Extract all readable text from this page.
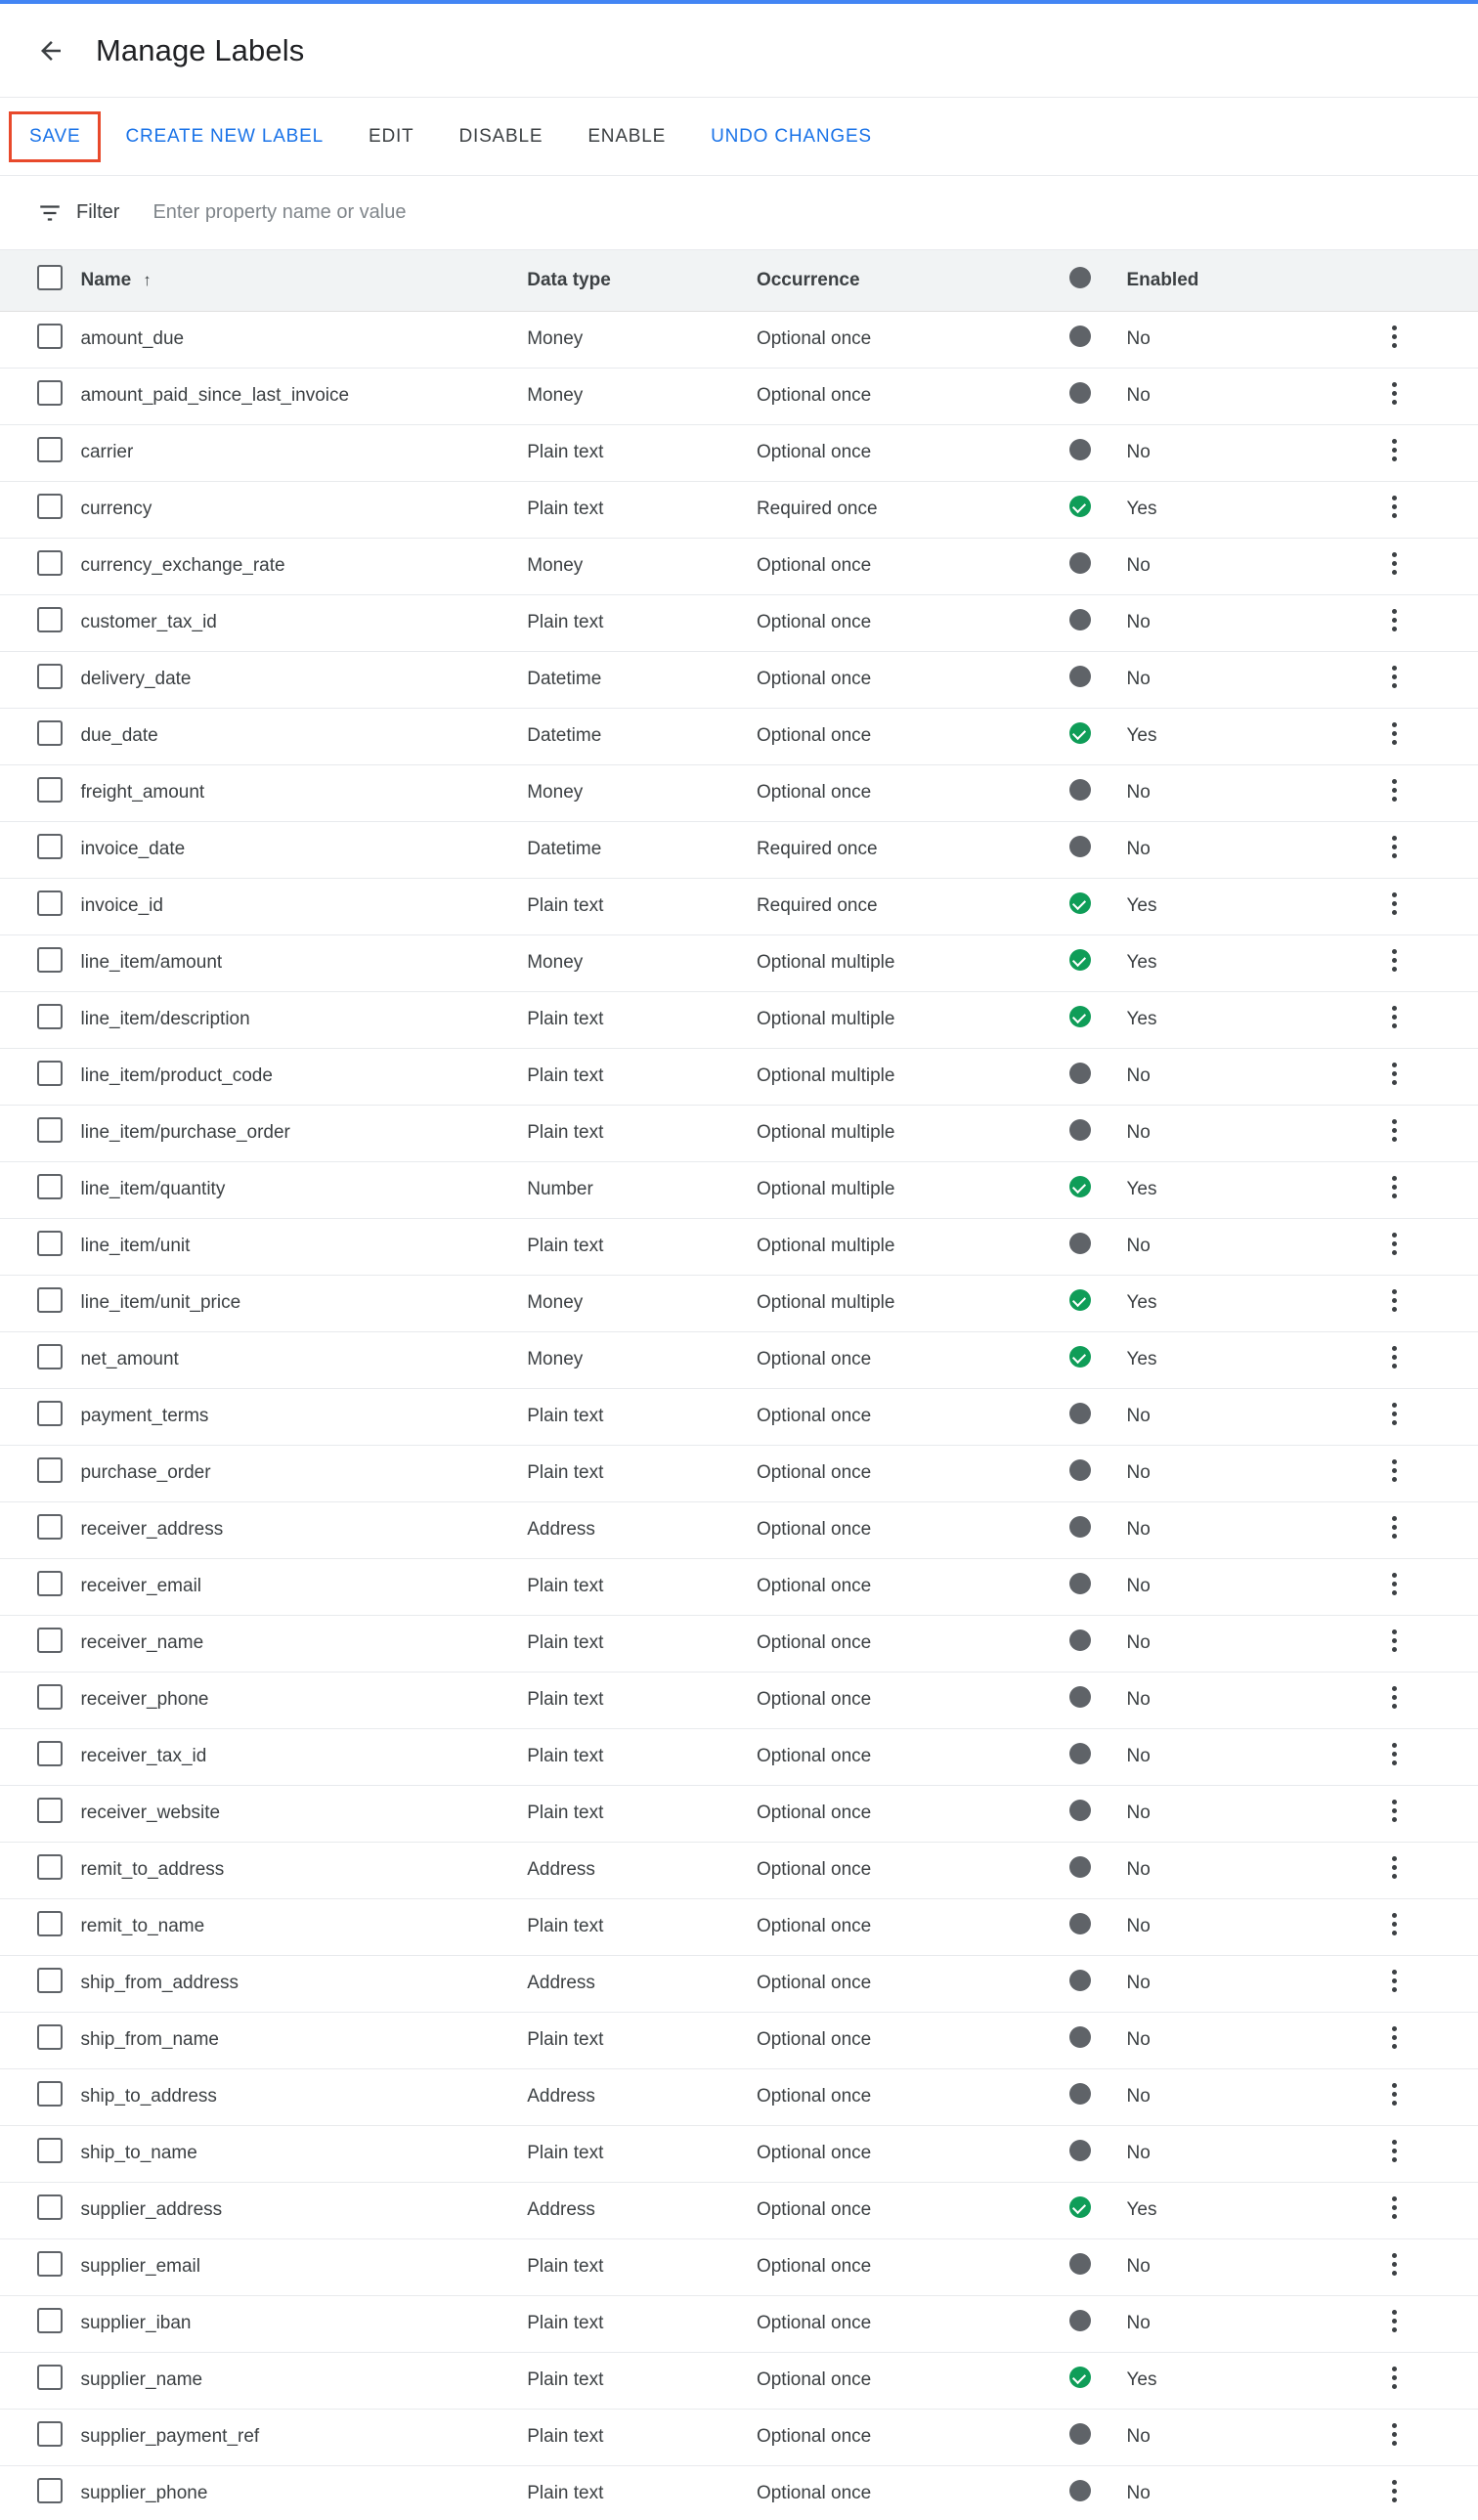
Manage Labels
SAVE	CREATE NEW LABEL	EDIT	DISABLE	ENABLE	UNDO CHANGES
Filter
Enter property name or value
	Name ↑	Data type	Occurrence		Enabled	
	amount_due	Money	Optional once		No	

	amount_paid_since_last_invoice	Money	Optional once		No	

	carrier	Plain text	Optional once		No	

	currency	Plain text	Required once		Yes	

	currency_exchange_rate	Money	Optional once		No	

	customer_tax_id	Plain text	Optional once		No	

	delivery_date	Datetime	Optional once		No	

	due_date	Datetime	Optional once		Yes	

	freight_amount	Money	Optional once		No	

	invoice_date	Datetime	Required once		No	

	invoice_id	Plain text	Required once		Yes	

	line_item/amount	Money	Optional multiple		Yes	

	line_item/description	Plain text	Optional multiple		Yes	

	line_item/product_code	Plain text	Optional multiple		No	

	line_item/purchase_order	Plain text	Optional multiple		No	

	line_item/quantity	Number	Optional multiple		Yes	

	line_item/unit	Plain text	Optional multiple		No	

	line_item/unit_price	Money	Optional multiple		Yes	

	net_amount	Money	Optional once		Yes	

	payment_terms	Plain text	Optional once		No	

	purchase_order	Plain text	Optional once		No	

	receiver_address	Address	Optional once		No	

	receiver_email	Plain text	Optional once		No	

	receiver_name	Plain text	Optional once		No	

	receiver_phone	Plain text	Optional once		No	

	receiver_tax_id	Plain text	Optional once		No	

	receiver_website	Plain text	Optional once		No	

	remit_to_address	Address	Optional once		No	

	remit_to_name	Plain text	Optional once		No	

	ship_from_address	Address	Optional once		No	

	ship_from_name	Plain text	Optional once		No	

	ship_to_address	Address	Optional once		No	

	ship_to_name	Plain text	Optional once		No	

	supplier_address	Address	Optional once		Yes	

	supplier_email	Plain text	Optional once		No	

	supplier_iban	Plain text	Optional once		No	

	supplier_name	Plain text	Optional once		Yes	

	supplier_payment_ref	Plain text	Optional once		No	

	supplier_phone	Plain text	Optional once		No	
